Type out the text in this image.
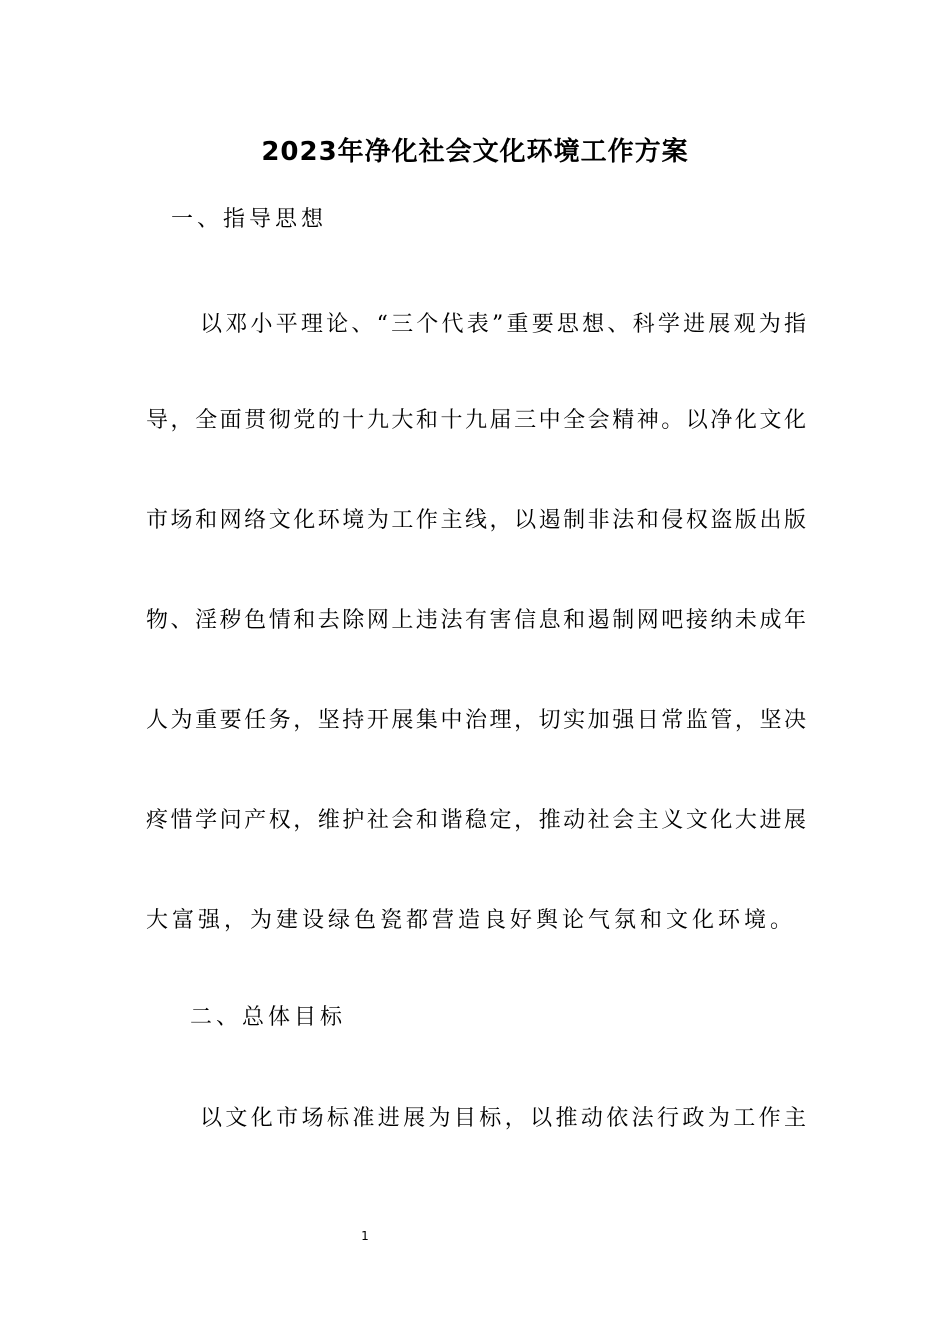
2023年净化社会文化环境工作方案
一、指导思想
以邓小平理论、“三个代表”重要思想、科学进展观为指
导，全面贯彻党的十九大和十九届三中全会精神。以净化文化
市场和网络文化环境为工作主线，以遏制非法和侵权盗版出版
物、淫秽色情和去除网上违法有害信息和遏制网吧接纳未成年
人为重要任务，坚持开展集中治理，切实加强日常监管，坚决
疼惜学问产权，维护社会和谐稳定，推动社会主义文化大进展
大富强，为建设绿色瓷都营造良好舆论气氛和文化环境。
二、总体目标
以文化市场标准进展为目标，以推动依法行政为工作主
1
